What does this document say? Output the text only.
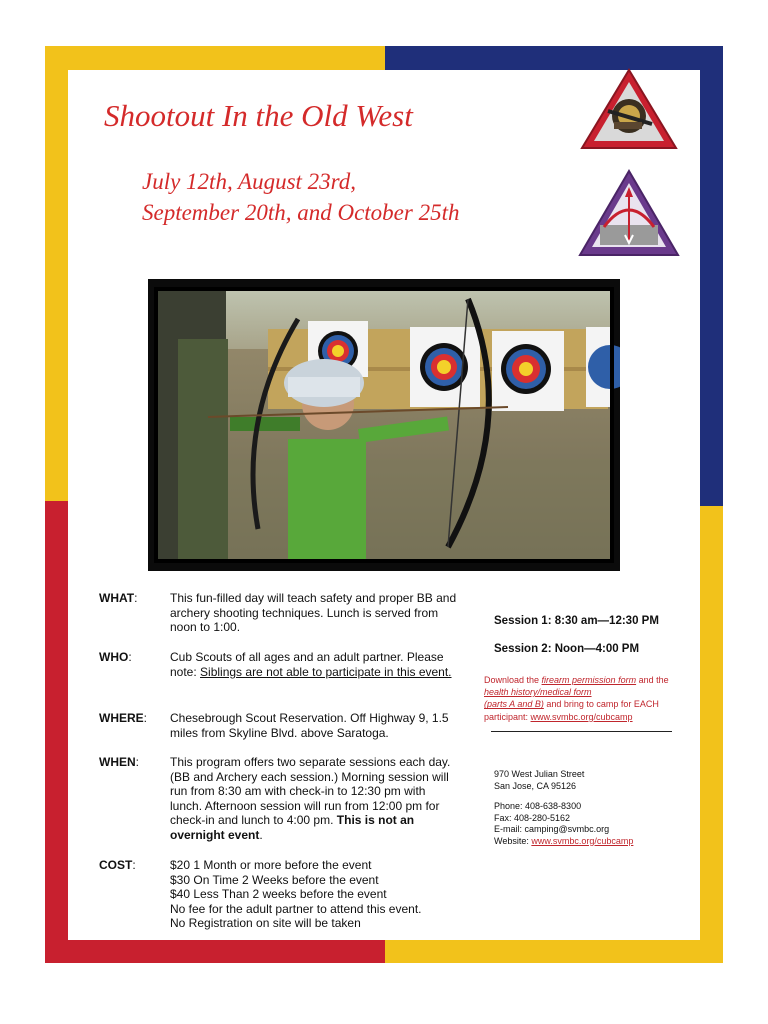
Shootout In the Old West
July 12th, August 23rd,
September 20th, and October 25th
WHAT:	This fun-filled day will teach safety and proper BB and archery shooting techniques. Lunch is served from noon to 1:00.
WHO:	Cub Scouts of all ages and an adult partner. Please note: Siblings are not able to participate in this event.
WHERE: Chesebrough Scout Reservation. Off Highway 9, 1.5 miles from Skyline Blvd. above Saratoga.
WHEN:	This program offers two separate sessions each day. (BB and Archery each session.) Morning session will run from 8:30 am with check-in to 12:30 pm with lunch. Afternoon session will run from 12:00 pm for check-in and lunch to 4:00 pm. This is not an overnight event.
COST:	$20 1 Month or more before the event
$30 On Time 2 Weeks before the event
$40 Less Than 2 weeks before the event
No fee for the adult partner to attend this event.
No Registration on site will be taken
Session 1: 8:30 am—12:30 PM
Session 2: Noon—4:00 PM
Download the firearm permission form and the health history/medical form
(parts A and B) and bring to camp for EACH participant: www.svmbc.org/cubcamp
970 West Julian Street
San Jose, CA 95126
Phone: 408-638-8300
Fax: 408-280-5162
E-mail: camping@svmbc.org
Website: www.svmbc.org/cubcamp
